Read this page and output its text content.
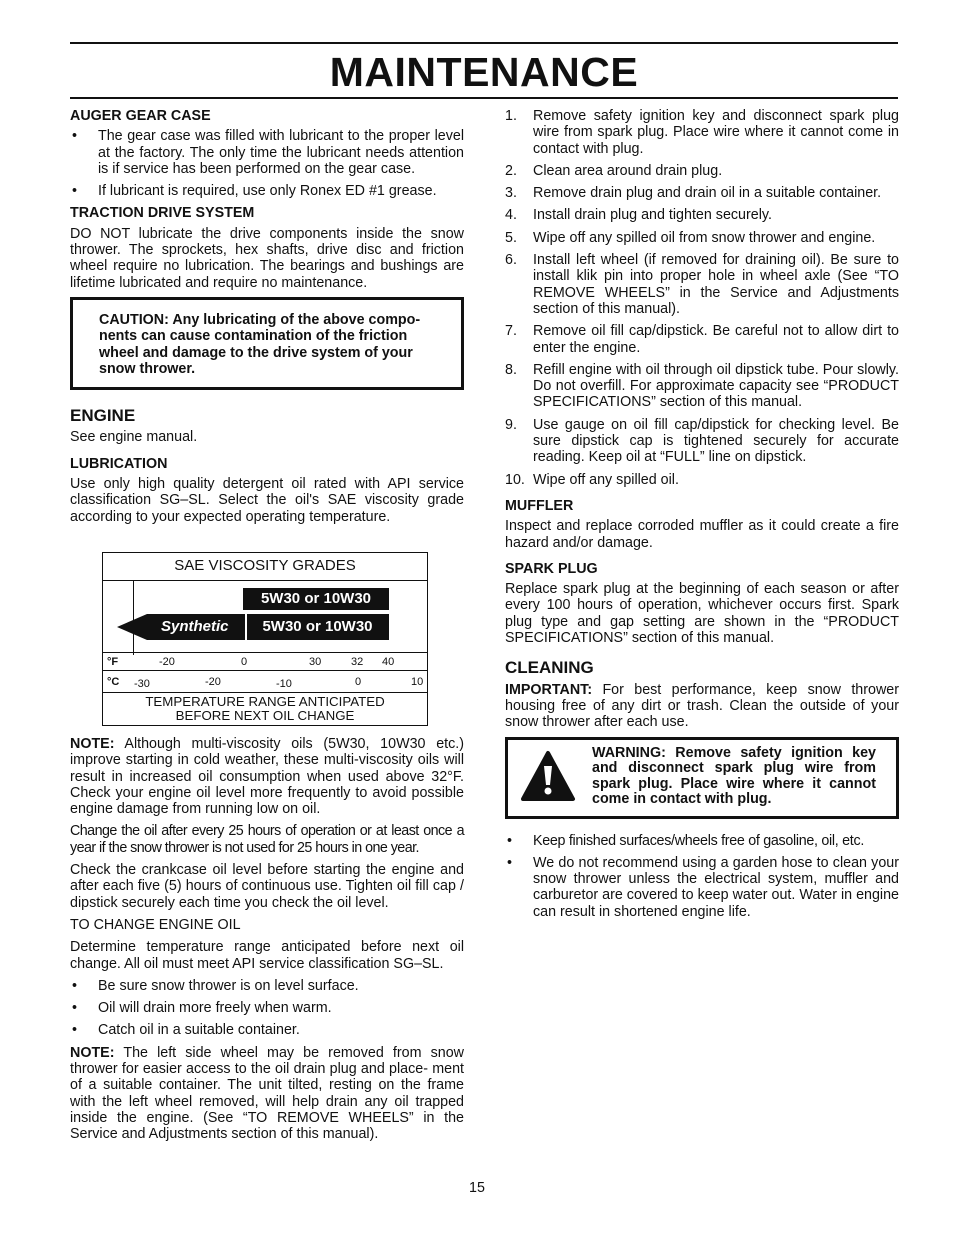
MAINTENANCE
AUGER GEAR CASE
• The gear case was filled with lubricant to the proper level at the factory. The only time the lubricant needs attention is if service has been performed on the gear case.
• If lubricant is required, use only Ronex ED #1 grease.
TRACTION DRIVE SYSTEM

DO NOT lubricate the drive components inside the snow thrower. The sprockets, hex shafts, drive disc and friction wheel require no lubrication. The bearings and bushings are lifetime lubricated and require no maintenance.

CAUTION: Any lubricating of the above compo- nents can cause contamination of the friction wheel and damage to the drive system of your snow thrower.
ENGINE

See engine manual.

LUBRICATION

Use only high quality detergent oil rated with API service classification SG–SL. Select the oil's SAE viscosity grade according to your expected operating temperature.

SAE VISCOSITY GRADES
5W30 or 10W30
Synthetic	5W30 or 10W30
°F
°C
-20	0	30	32 40
-30	-20	-10	0	10
TEMPERATURE RANGE ANTICIPATED
BEFORE NEXT OIL CHANGE

NOTE: Although multi-viscosity oils (5W30, 10W30 etc.) improve starting in cold weather, these multi-viscosity oils will result in increased oil consumption when used above 32°F. Check your engine oil level more frequently to avoid possible engine damage from running low on oil.

Change the oil after every 25 hours of operation or at least once a year if the snow thrower is not used for 25 hours in one year.

Check the crankcase oil level before starting the engine and after each five (5) hours of continuous use. Tighten oil fill cap / dipstick securely each time you check the oil level.

TO CHANGE ENGINE OIL

Determine temperature range anticipated before next oil change. All oil must meet API service classification SG–SL.

• Be sure snow thrower is on level surface.
• Oil will drain more freely when warm.
• Catch oil in a suitable container.

NOTE: The left side wheel may be removed from snow thrower for easier access to the oil drain plug and place- ment of a suitable container. The unit tilted, resting on the frame with the left wheel removed, will help drain any oil trapped inside the engine. (See “TO REMOVE WHEELS” in the Service and Adjustments section of this manual).

1. Remove safety ignition key and disconnect spark plug wire from spark plug. Place wire where it cannot come in contact with plug.
2. Clean area around drain plug.
3. Remove drain plug and drain oil in a suitable container.
4. Install drain plug and tighten securely.
5. Wipe off any spilled oil from snow thrower and engine.
6. Install left wheel (if removed for draining oil). Be sure to install klik pin into proper hole in wheel axle (See “TO REMOVE WHEELS” in the Service and Adjustments section of this manual).
7. Remove oil fill cap/dipstick. Be careful not to allow dirt to enter the engine.
8. Refill engine with oil through oil dipstick tube. Pour slowly. Do not overfill. For approximate capacity see “PRODUCT SPECIFICATIONS” section of this manual.
9. Use gauge on oil fill cap/dipstick for checking level. Be sure dipstick cap is tightened securely for accurate reading. Keep oil at “FULL” line on dipstick.
10. Wipe off any spilled oil.
MUFFLER

Inspect and replace corroded muffler as it could create a fire hazard and/or damage.

SPARK PLUG

Replace spark plug at the beginning of each season or after every 100 hours of operation, whichever occurs first. Spark plug type and gap setting are shown in the “PRODUCT SPECIFICATIONS” section of this manual.

CLEANING

IMPORTANT: For best performance, keep snow thrower housing free of any dirt or trash. Clean the outside of your snow thrower after each use.

WARNING: Remove safety ignition key and disconnect spark plug wire from spark plug. Place wire where it cannot come in contact with plug.
• Keep finished surfaces/wheels free of gasoline, oil, etc.
• We do not recommend using a garden hose to clean your snow thrower unless the electrical system, muffler and carburetor are covered to keep water out. Water in engine can result in shortened engine life.
15
